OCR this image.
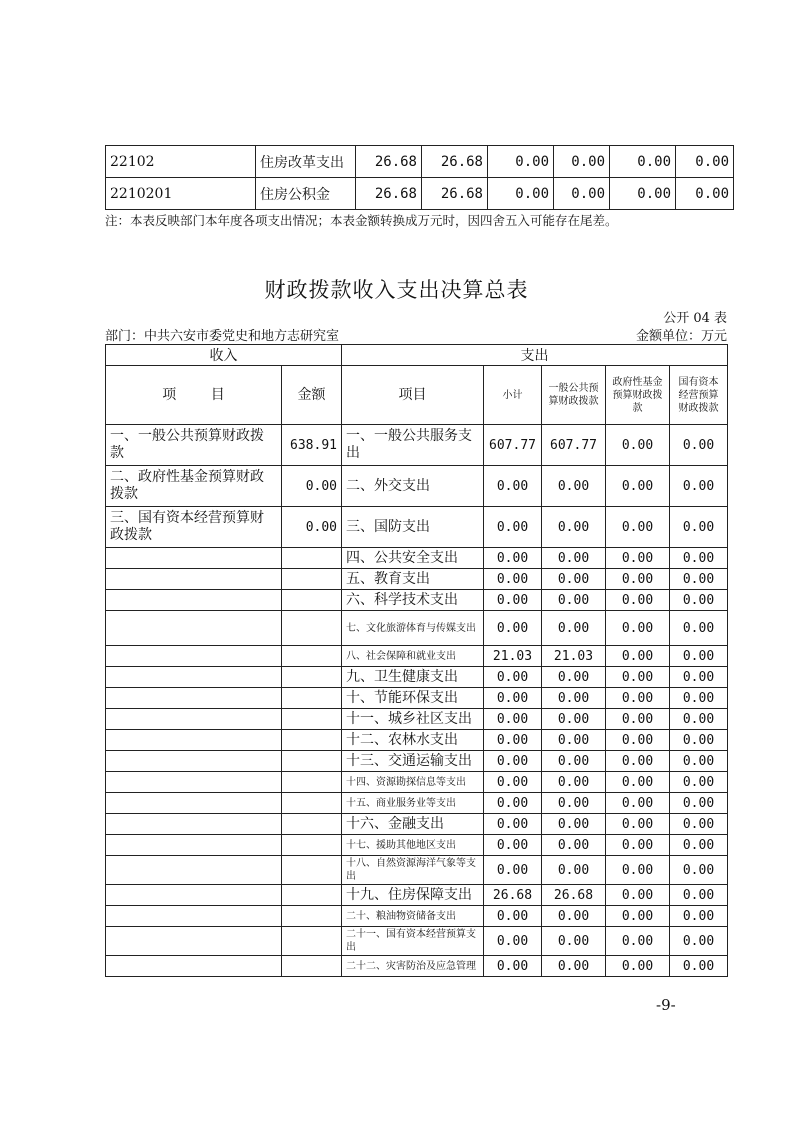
22102	住房改革支出	26.68	26.68	0.00	0.00	0.00	0.00
2210201	住房公积金	26.68	26.68	0.00	0.00	0.00	0.00
注：本表反映部门本年度各项支出情况；本表金额转换成万元时，因四舍五入可能存在尾差。
财政拨款收入支出决算总表
公开 04 表
部门：中共六安市委党史和地方志研究室	金额单位：万元
收入		支出				
项 目	金额	项目	小计	一般公共预算财政拨款	政府性基金预算财政拨款	国有资本经营预算财政拨款
一、一般公共预算财政拨款	638.91	一、一般公共服务支出	607.77	607.77	0.00	0.00
二、政府性基金预算财政拨款	0.00	二、外交支出	0.00	0.00	0.00	0.00
三、国有资本经营预算财政拨款	0.00	三、国防支出	0.00	0.00	0.00	0.00
		四、公共安全支出	0.00	0.00	0.00	0.00
		五、教育支出	0.00	0.00	0.00	0.00
		六、科学技术支出	0.00	0.00	0.00	0.00
		七、文化旅游体育与传媒支出	0.00	0.00	0.00	0.00
		八、社会保障和就业支出	21.03	21.03	0.00	0.00
		九、卫生健康支出	0.00	0.00	0.00	0.00
		十、节能环保支出	0.00	0.00	0.00	0.00
		十一、城乡社区支出	0.00	0.00	0.00	0.00
		十二、农林水支出	0.00	0.00	0.00	0.00
		十三、交通运输支出	0.00	0.00	0.00	0.00
		十四、资源勘探信息等支出	0.00	0.00	0.00	0.00
		十五、商业服务业等支出	0.00	0.00	0.00	0.00
		十六、金融支出	0.00	0.00	0.00	0.00
		十七、援助其他地区支出	0.00	0.00	0.00	0.00
		十八、自然资源海洋气象等支出	0.00	0.00	0.00	0.00
		十九、住房保障支出	26.68	26.68	0.00	0.00
		二十、粮油物资储备支出	0.00	0.00	0.00	0.00
		二十一、国有资本经营预算支出	0.00	0.00	0.00	0.00
		二十二、灾害防治及应急管理	0.00	0.00	0.00	0.00
-9-
